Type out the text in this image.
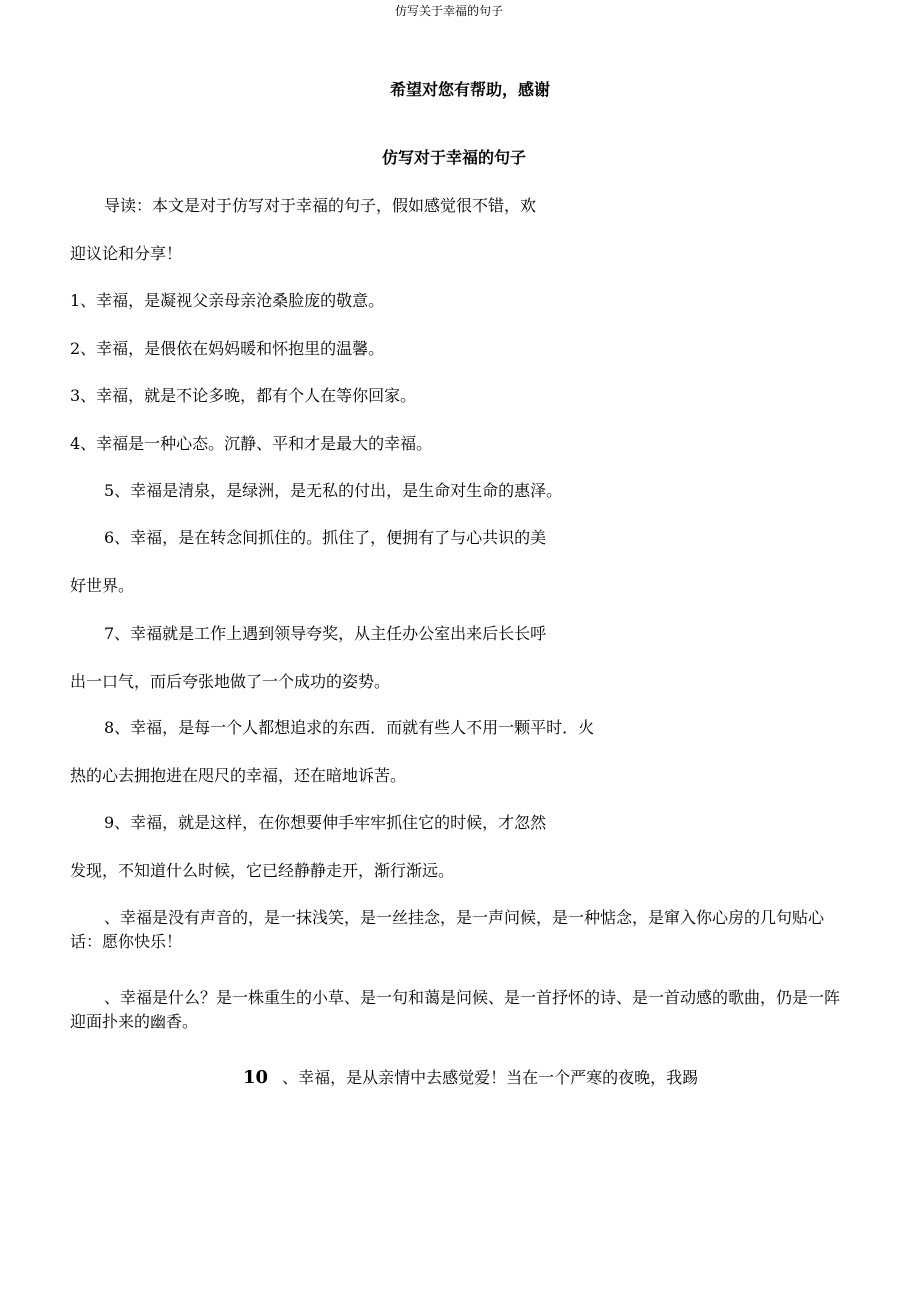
仿写关于幸福的句子
希望对您有帮助，感谢
仿写对于幸福的句子
导读：本文是对于仿写对于幸福的句子，假如感觉很不错，欢
迎议论和分享！
1、幸福，是凝视父亲母亲沧桑脸庞的敬意。
2、幸福，是偎依在妈妈暖和怀抱里的温馨。
3、幸福，就是不论多晚，都有个人在等你回家。
4、幸福是一种心态。沉静、平和才是最大的幸福。
5、幸福是清泉，是绿洲，是无私的付出，是生命对生命的惠泽。
6、幸福，是在转念间抓住的。抓住了，便拥有了与心共识的美
好世界。
7、幸福就是工作上遇到领导夸奖，从主任办公室出来后长长呼
出一口气，而后夸张地做了一个成功的姿势。
8、幸福，是每一个人都想追求的东西．而就有些人不用一颗平时．火
热的心去拥抱进在咫尺的幸福，还在暗地诉苦。
9、幸福，就是这样，在你想要伸手牢牢抓住它的时候，才忽然
发现，不知道什么时候，它已经静静走开，渐行渐远。
、幸福是没有声音的，是一抹浅笑，是一丝挂念，是一声问候，是一种惦念，是窜入你心房的几句贴心话：愿你快乐！
、幸福是什么？是一株重生的小草、是一句和蔼是问候、是一首抒怀的诗、是一首动感的歌曲，仍是一阵迎面扑来的幽香。
10 、幸福，是从亲情中去感觉爱！当在一个严寒的夜晚，我踢
